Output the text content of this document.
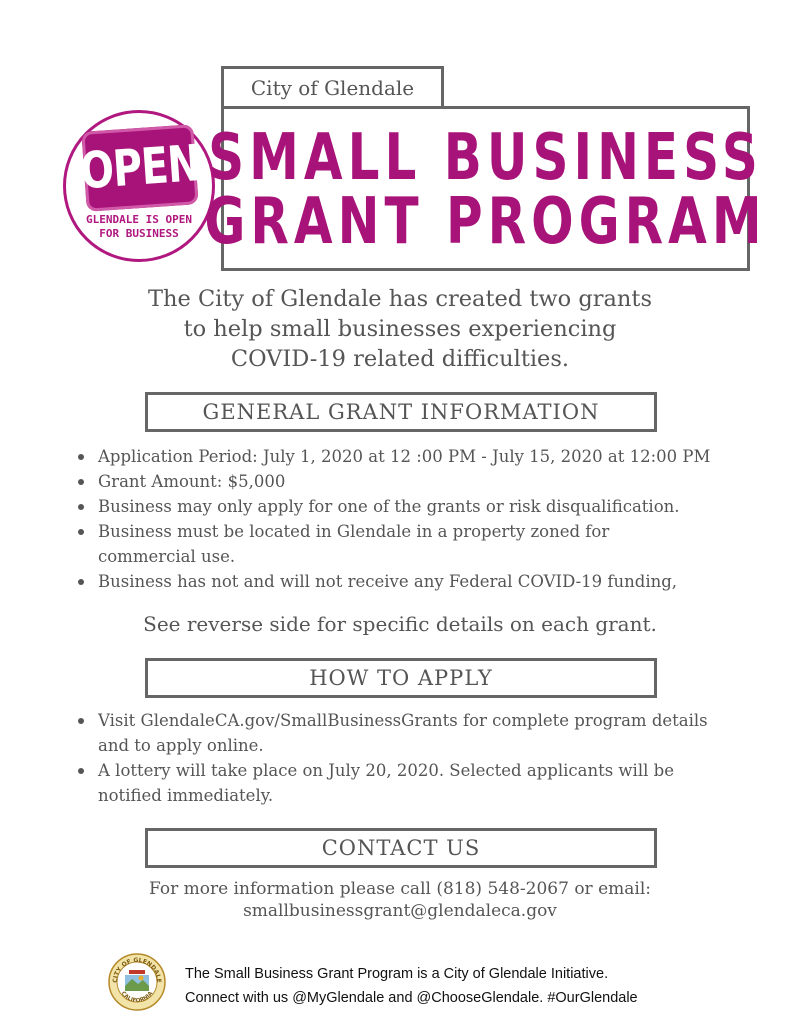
OPEN
GLENDALE IS OPEN
FOR BUSINESS
City of Glendale
SMALL BUSINESS
GRANT PROGRAM
The City of Glendale has created two grants
to help small businesses experiencing
COVID-19 related difficulties.
GENERAL GRANT INFORMATION
Application Period: July 1, 2020 at 12 :00 PM - July 15, 2020 at 12:00 PM
Grant Amount: $5,000
Business may only apply for one of the grants or risk disqualification.
Business must be located in Glendale in a property zoned for commercial use.
Business has not and will not receive any Federal COVID-19 funding,
See reverse side for specific details on each grant.
HOW TO APPLY
Visit GlendaleCA.gov/SmallBusinessGrants for complete program details and to apply online.
A lottery will take place on July 20, 2020. Selected applicants will be notified immediately.
CONTACT US
For more information please call (818) 548-2067 or email:
smallbusinessgrant@glendaleca.gov
CITY OF GLENDALE
CALIFORNIA
The Small Business Grant Program is a City of Glendale Initiative.
Connect with us @MyGlendale and @ChooseGlendale. #OurGlendale
